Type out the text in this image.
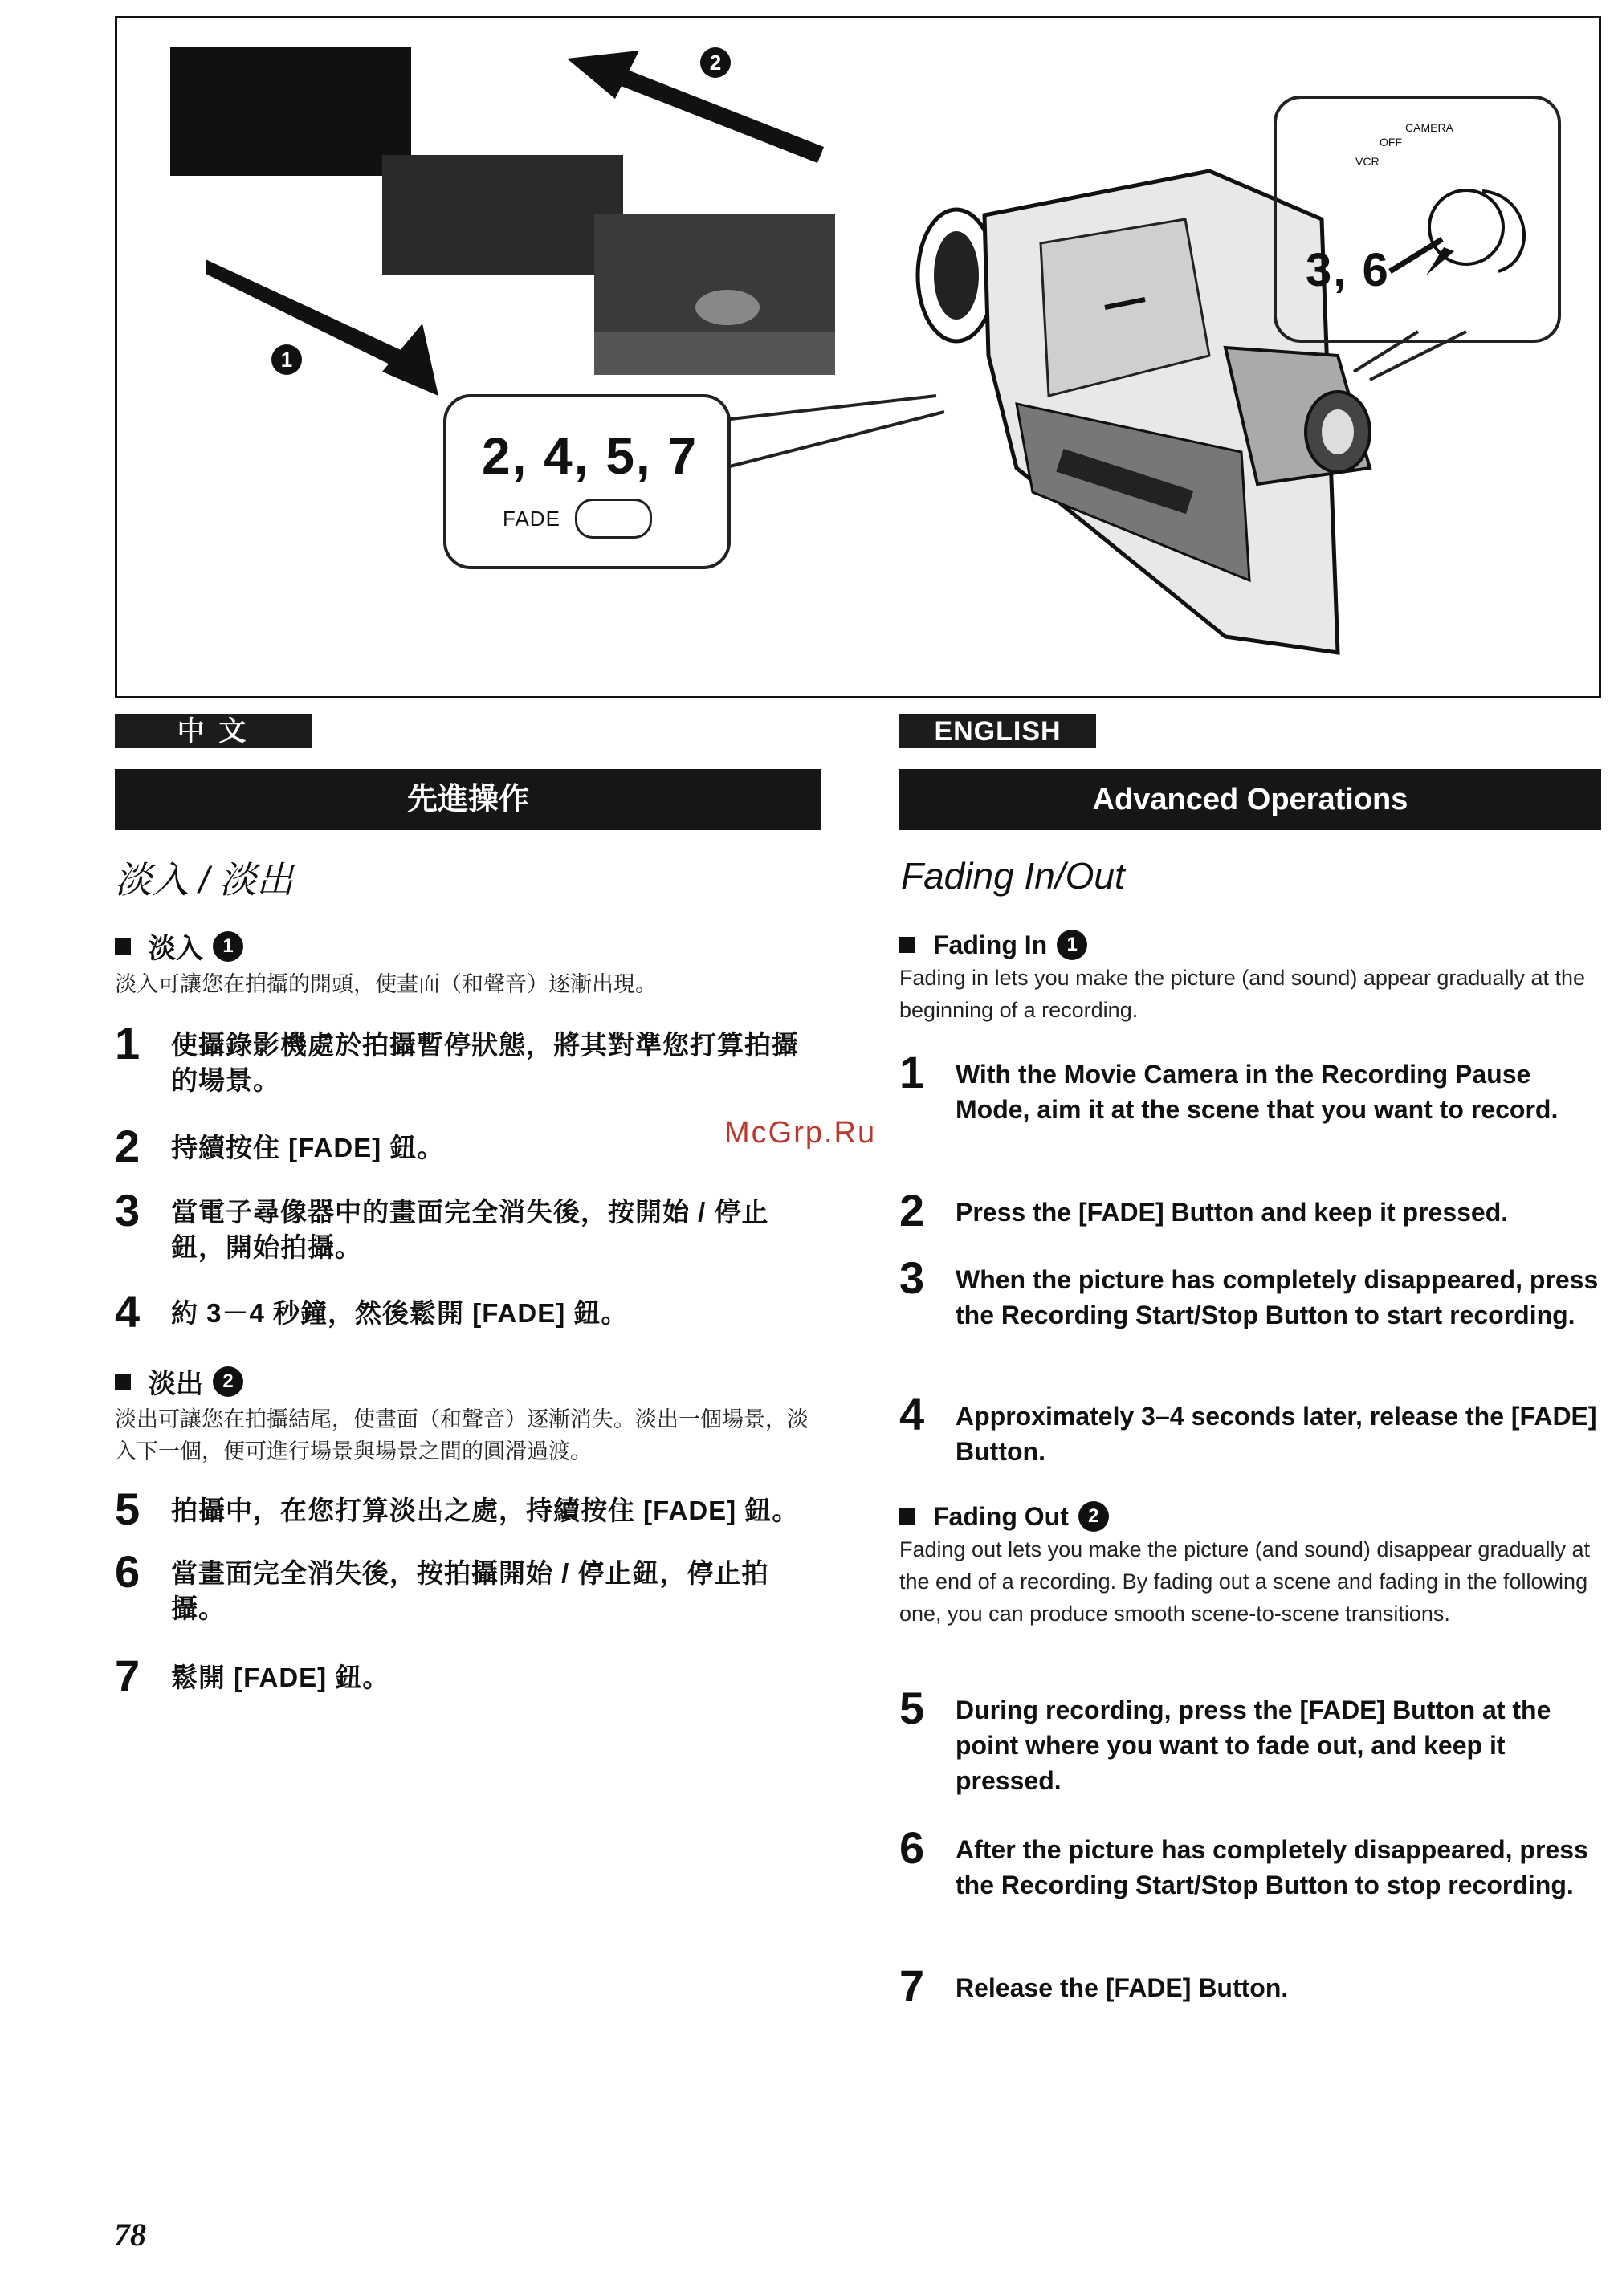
2, 4, 5, 7
FADE
CAMERA
OFF
VCR
3, 6
1
2
中 文
先進操作
淡入 / 淡出
淡入	1
淡入可讓您在拍攝的開頭，使畫面（和聲音）逐漸出現。
1	使攝錄影機處於拍攝暫停狀態，將其對準您打算拍攝的場景。
2	持續按住 [FADE] 鈕。
3	當電子尋像器中的畫面完全消失後，按開始 / 停止鈕，開始拍攝。
4	約 3－4 秒鐘，然後鬆開 [FADE] 鈕。
淡出	2
淡出可讓您在拍攝結尾，使畫面（和聲音）逐漸消失。淡出一個場景，淡入下一個，便可進行場景與場景之間的圓滑過渡。
5	拍攝中，在您打算淡出之處，持續按住 [FADE] 鈕。
6	當畫面完全消失後，按拍攝開始 / 停止鈕，停止拍攝。
7	鬆開 [FADE] 鈕。
ENGLISH
Advanced Operations
Fading In/Out
Fading In	1
Fading in lets you make the picture (and sound) appear gradually at the beginning of a recording.
1	With the Movie Camera in the Recording Pause Mode, aim it at the scene that you want to record.
2	Press the [FADE] Button and keep it pressed.
3	When the picture has completely disappeared, press the Recording Start/Stop Button to start recording.
4	Approximately 3–4 seconds later, release the [FADE] Button.
Fading Out	2
Fading out lets you make the picture (and sound) disappear gradually at the end of a recording. By fading out a scene and fading in the following one, you can produce smooth scene-to-scene transitions.
5	During recording, press the [FADE] Button at the point where you want to fade out, and keep it pressed.
6	After the picture has completely disappeared, press the Recording Start/Stop Button to stop recording.
7	Release the [FADE] Button.
McGrp.Ru
78
